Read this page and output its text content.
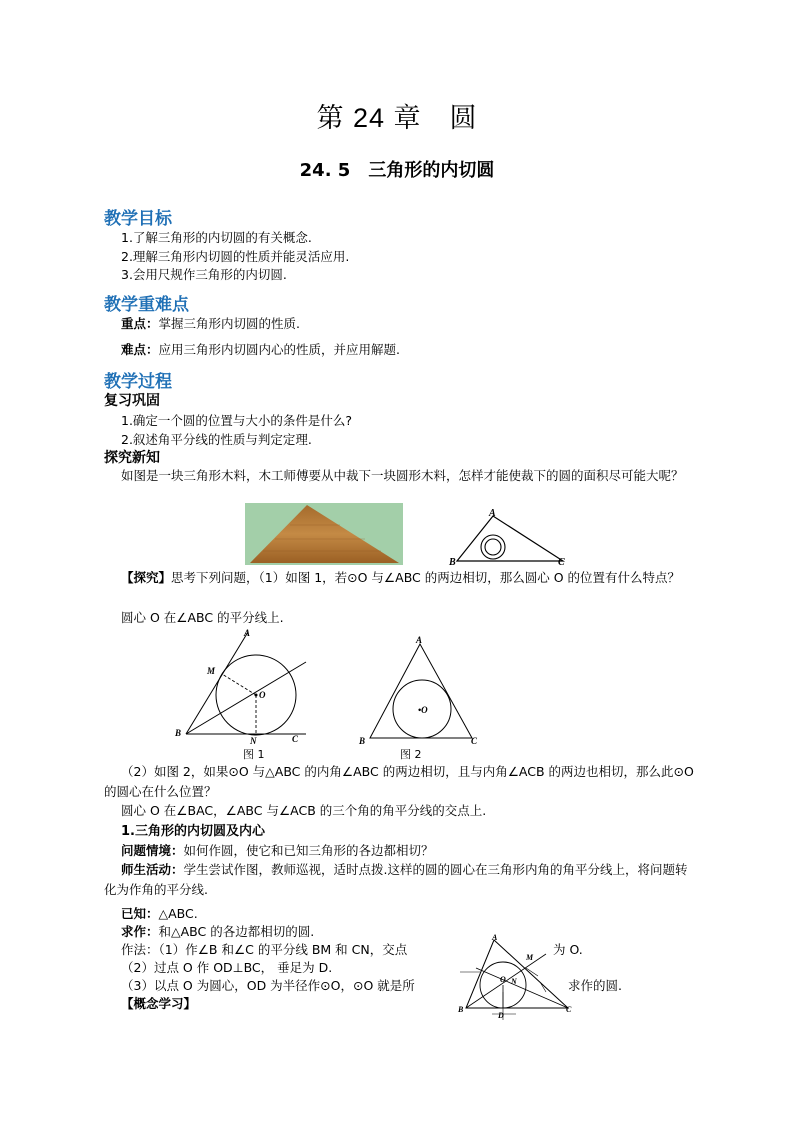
第 24 章　圆
24. 5　三角形的内切圆
教学目标
1.了解三角形的内切圆的有关概念.
2.理解三角形内切圆的性质并能灵活应用.
3.会用尺规作三角形的内切圆.
教学重难点
重点：掌握三角形内切圆的性质.
难点：应用三角形内切圆内心的性质，并应用解题.
教学过程
复习巩固
1.确定一个圆的位置与大小的条件是什么?
2.叙述角平分线的性质与判定定理.
探究新知
如图是一块三角形木料，木工师傅要从中裁下一块圆形木料，怎样才能使裁下的圆的面积尽可能大呢？
A
B	C
【探究】思考下列问题，（1）如图 1，若⊙O 与∠ABC 的两边相切，那么圆心 O 的位置有什么特点？
圆心 O 在∠ABC 的平分线上.
A
B
C
M
N
O
图 1
A
B	C
•O
图 2
（2）如图 2，如果⊙O 与△ABC 的内角∠ABC 的两边相切，且与内角∠ACB 的两边也相切，那么此⊙O 的圆心在什么位置？
圆心 O 在∠BAC，∠ABC 与∠ACB 的三个角的角平分线的交点上.
1.三角形的内切圆及内心
问题情境：如何作圆，使它和已知三角形的各边都相切？
师生活动：学生尝试作图，教师巡视，适时点拨.这样的圆的圆心在三角形内角的角平分线上，将问题转化为作角的平分线.
已知：△ABC.
求作：和△ABC 的各边都相切的圆.
作法：（1）作∠B 和∠C 的平分线 BM 和 CN，交点	为 O.
（2）过点 O 作 OD⊥BC， 垂足为 D.
（3）以点 O 为圆心，OD 为半径作⊙O，⊙O 就是所	求作的圆.
【概念学习】
A
B	C
M
N
O
D
